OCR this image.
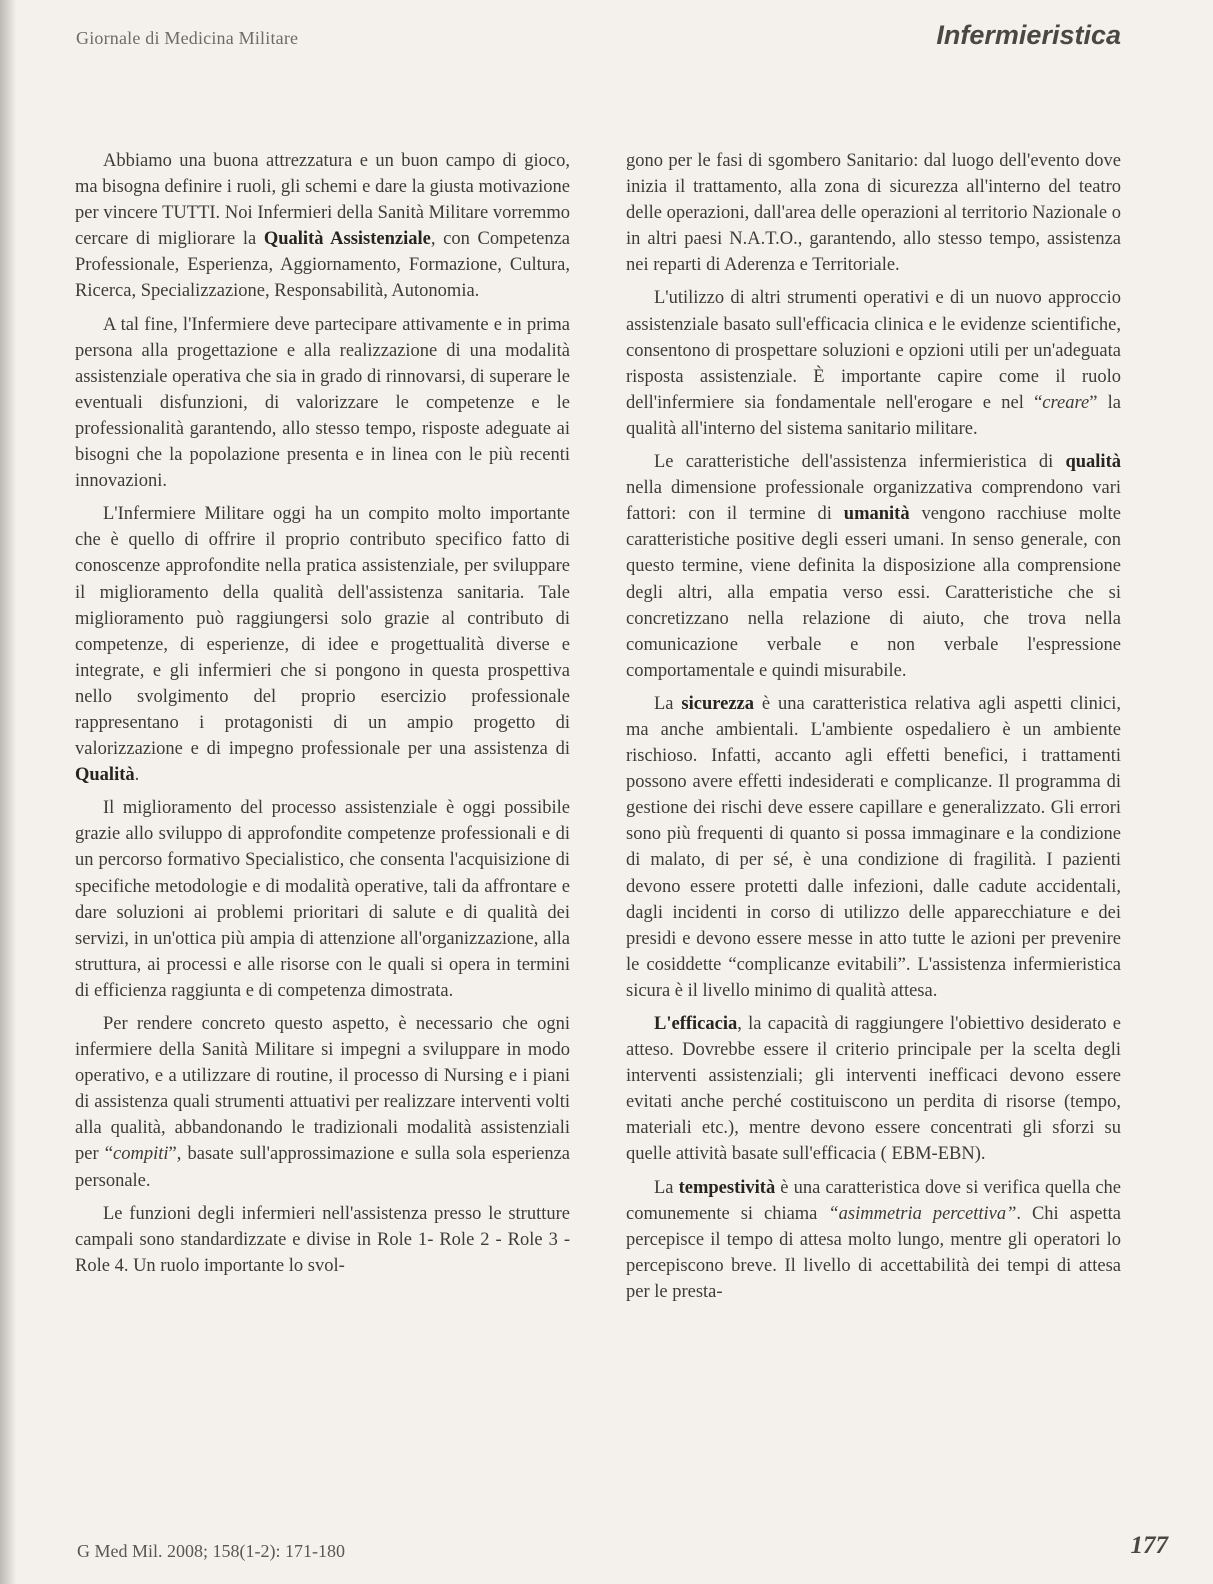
Giornale di Medicina Militare	Infermieristica

Abbiamo una buona attrezzatura e un buon campo di gioco, ma bisogna definire i ruoli, gli schemi e dare la giusta motivazione per vincere TUTTI. Noi Infermieri della Sanità Militare vorremmo cercare di migliorare la Qualità Assistenziale, con Competenza Professionale, Esperienza, Aggiornamento, Formazione, Cultura, Ricerca, Specializzazione, Responsabilità, Autonomia.

A tal fine, l'Infermiere deve partecipare attivamente e in prima persona alla progettazione e alla realizzazione di una modalità assistenziale operativa che sia in grado di rinnovarsi, di superare le eventuali disfunzioni, di valorizzare le competenze e le professionalità garantendo, allo stesso tempo, risposte adeguate ai bisogni che la popolazione presenta e in linea con le più recenti innovazioni.

L'Infermiere Militare oggi ha un compito molto importante che è quello di offrire il proprio contributo specifico fatto di conoscenze approfondite nella pratica assistenziale, per sviluppare il miglioramento della qualità dell'assistenza sanitaria. Tale miglioramento può raggiungersi solo grazie al contributo di competenze, di esperienze, di idee e progettualità diverse e integrate, e gli infermieri che si pongono in questa prospettiva nello svolgimento del proprio esercizio professionale rappresentano i protagonisti di un ampio progetto di valorizzazione e di impegno professionale per una assistenza di Qualità.

Il miglioramento del processo assistenziale è oggi possibile grazie allo sviluppo di approfondite competenze professionali e di un percorso formativo Specialistico, che consenta l'acquisizione di specifiche metodologie e di modalità operative, tali da affrontare e dare soluzioni ai problemi prioritari di salute e di qualità dei servizi, in un'ottica più ampia di attenzione all'organizzazione, alla struttura, ai processi e alle risorse con le quali si opera in termini di efficienza raggiunta e di competenza dimostrata.

Per rendere concreto questo aspetto, è necessario che ogni infermiere della Sanità Militare si impegni a sviluppare in modo operativo, e a utilizzare di routine, il processo di Nursing e i piani di assistenza quali strumenti attuativi per realizzare interventi volti alla qualità, abbandonando le tradizionali modalità assistenziali per “compiti”, basate sull'approssimazione e sulla sola esperienza personale.

Le funzioni degli infermieri nell'assistenza presso le strutture campali sono standardizzate e divise in Role 1- Role 2 - Role 3 - Role 4. Un ruolo importante lo svol-

gono per le fasi di sgombero Sanitario: dal luogo dell'evento dove inizia il trattamento, alla zona di sicurezza all'interno del teatro delle operazioni, dall'area delle operazioni al territorio Nazionale o in altri paesi N.A.T.O., garantendo, allo stesso tempo, assistenza nei reparti di Aderenza e Territoriale.

L'utilizzo di altri strumenti operativi e di un nuovo approccio assistenziale basato sull'efficacia clinica e le evidenze scientifiche, consentono di prospettare soluzioni e opzioni utili per un'adeguata risposta assistenziale. È importante capire come il ruolo dell'infermiere sia fondamentale nell'erogare e nel “creare” la qualità all'interno del sistema sanitario militare.

Le caratteristiche dell'assistenza infermieristica di qualità nella dimensione professionale organizzativa comprendono vari fattori: con il termine di umanità vengono racchiuse molte caratteristiche positive degli esseri umani. In senso generale, con questo termine, viene definita la disposizione alla comprensione degli altri, alla empatia verso essi. Caratteristiche che si concretizzano nella relazione di aiuto, che trova nella comunicazione verbale e non verbale l'espressione comportamentale e quindi misurabile.

La sicurezza è una caratteristica relativa agli aspetti clinici, ma anche ambientali. L'ambiente ospedaliero è un ambiente rischioso. Infatti, accanto agli effetti benefici, i trattamenti possono avere effetti indesiderati e complicanze. Il programma di gestione dei rischi deve essere capillare e generalizzato. Gli errori sono più frequenti di quanto si possa immaginare e la condizione di malato, di per sé, è una condizione di fragilità. I pazienti devono essere protetti dalle infezioni, dalle cadute accidentali, dagli incidenti in corso di utilizzo delle apparecchiature e dei presidi e devono essere messe in atto tutte le azioni per prevenire le cosiddette “complicanze evitabili”. L'assistenza infermieristica sicura è il livello minimo di qualità attesa.

L'efficacia, la capacità di raggiungere l'obiettivo desiderato e atteso. Dovrebbe essere il criterio principale per la scelta degli interventi assistenziali; gli interventi inefficaci devono essere evitati anche perché costituiscono un perdita di risorse (tempo, materiali etc.), mentre devono essere concentrati gli sforzi su quelle attività basate sull'efficacia ( EBM-EBN).

La tempestività è una caratteristica dove si verifica quella che comunemente si chiama “asimmetria percettiva”. Chi aspetta percepisce il tempo di attesa molto lungo, mentre gli operatori lo percepiscono breve. Il livello di accettabilità dei tempi di attesa per le presta-

G Med Mil. 2008; 158(1-2): 171-180	177
